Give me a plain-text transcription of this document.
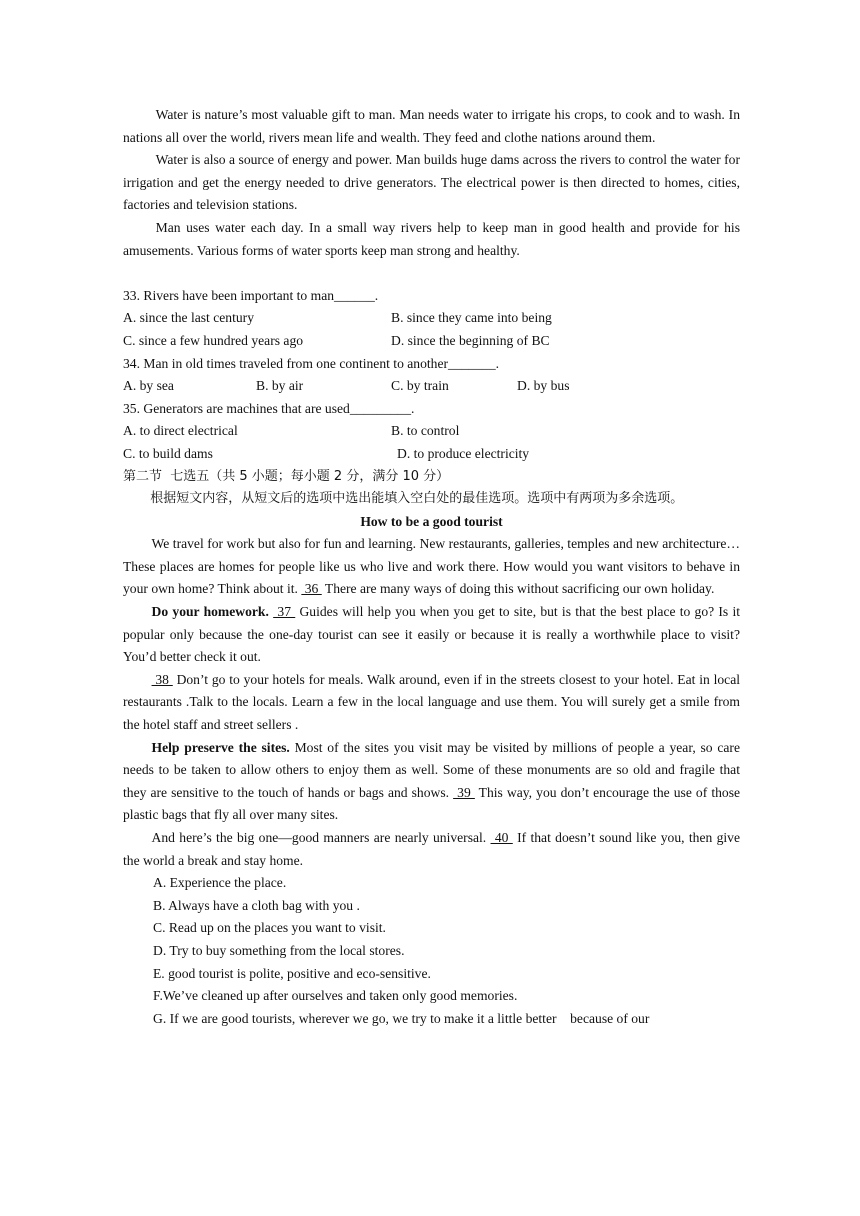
Water is nature’s most valuable gift to man. Man needs water to irrigate his crops, to cook and to wash. In nations all over the world, rivers mean life and wealth. They feed and clothe nations around them.

Water is also a source of energy and power. Man builds huge dams across the rivers to control the water for irrigation and get the energy needed to drive generators. The electrical power is then directed to homes, cities, factories and television stations.

Man uses water each day. In a small way rivers help to keep man in good health and provide for his amusements. Various forms of water sports keep man strong and healthy.

33. Rivers have been important to man______.

A. since the last century	B. since they came into being
C. since a few hundred years ago	D. since the beginning of BC

34. Man in old times traveled from one continent to another_______.

A. by sea	B. by air	C. by train	D. by bus

35. Generators are machines that are used_________.

A. to direct electrical	B. to control
C. to build dams	D. to produce electricity

第二节  七选五（共 5 小题；每小题 2 分，满分 10 分）

根据短文内容，从短文后的选项中选出能填入空白处的最佳选项。选项中有两项为多余选项。

How to be a good tourist

We travel for work but also for fun and learning. New restaurants, galleries, temples and new architecture…These places are homes for people like us who live and work there. How would you want visitors to behave in your own home? Think about it.  36  There are many ways of doing this without sacrificing our own holiday.

Do your homework.  37  Guides will help you when you get to site, but is that the best place to go? Is it popular only because the one-day tourist can see it easily or because it is really a worthwhile place to visit? You’d better check it out.

38  Don’t go to your hotels for meals. Walk around, even if in the streets closest to your hotel. Eat in local restaurants .Talk to the locals. Learn a few in the local language and use them. You will surely get a smile from the hotel staff and street sellers .

Help preserve the sites. Most of the sites you visit may be visited by millions of people a year, so care needs to be taken to allow others to enjoy them as well. Some of these monuments are so old and fragile that they are sensitive to the touch of hands or bags and shows.  39  This way, you don’t encourage the use of those plastic bags that fly all over many sites.

And here’s the big one—good manners are nearly universal.  40  If that doesn’t sound like you, then give the world a break and stay home.

A. Experience the place.

B. Always have a cloth bag with you .

C. Read up on the places you want to visit.

D. Try to buy something from the local stores.

E. good tourist is polite, positive and eco-sensitive.

F.We’ve cleaned up after ourselves and taken only good memories.

G. If we are good tourists, wherever we go, we try to make it a little better    because of our
